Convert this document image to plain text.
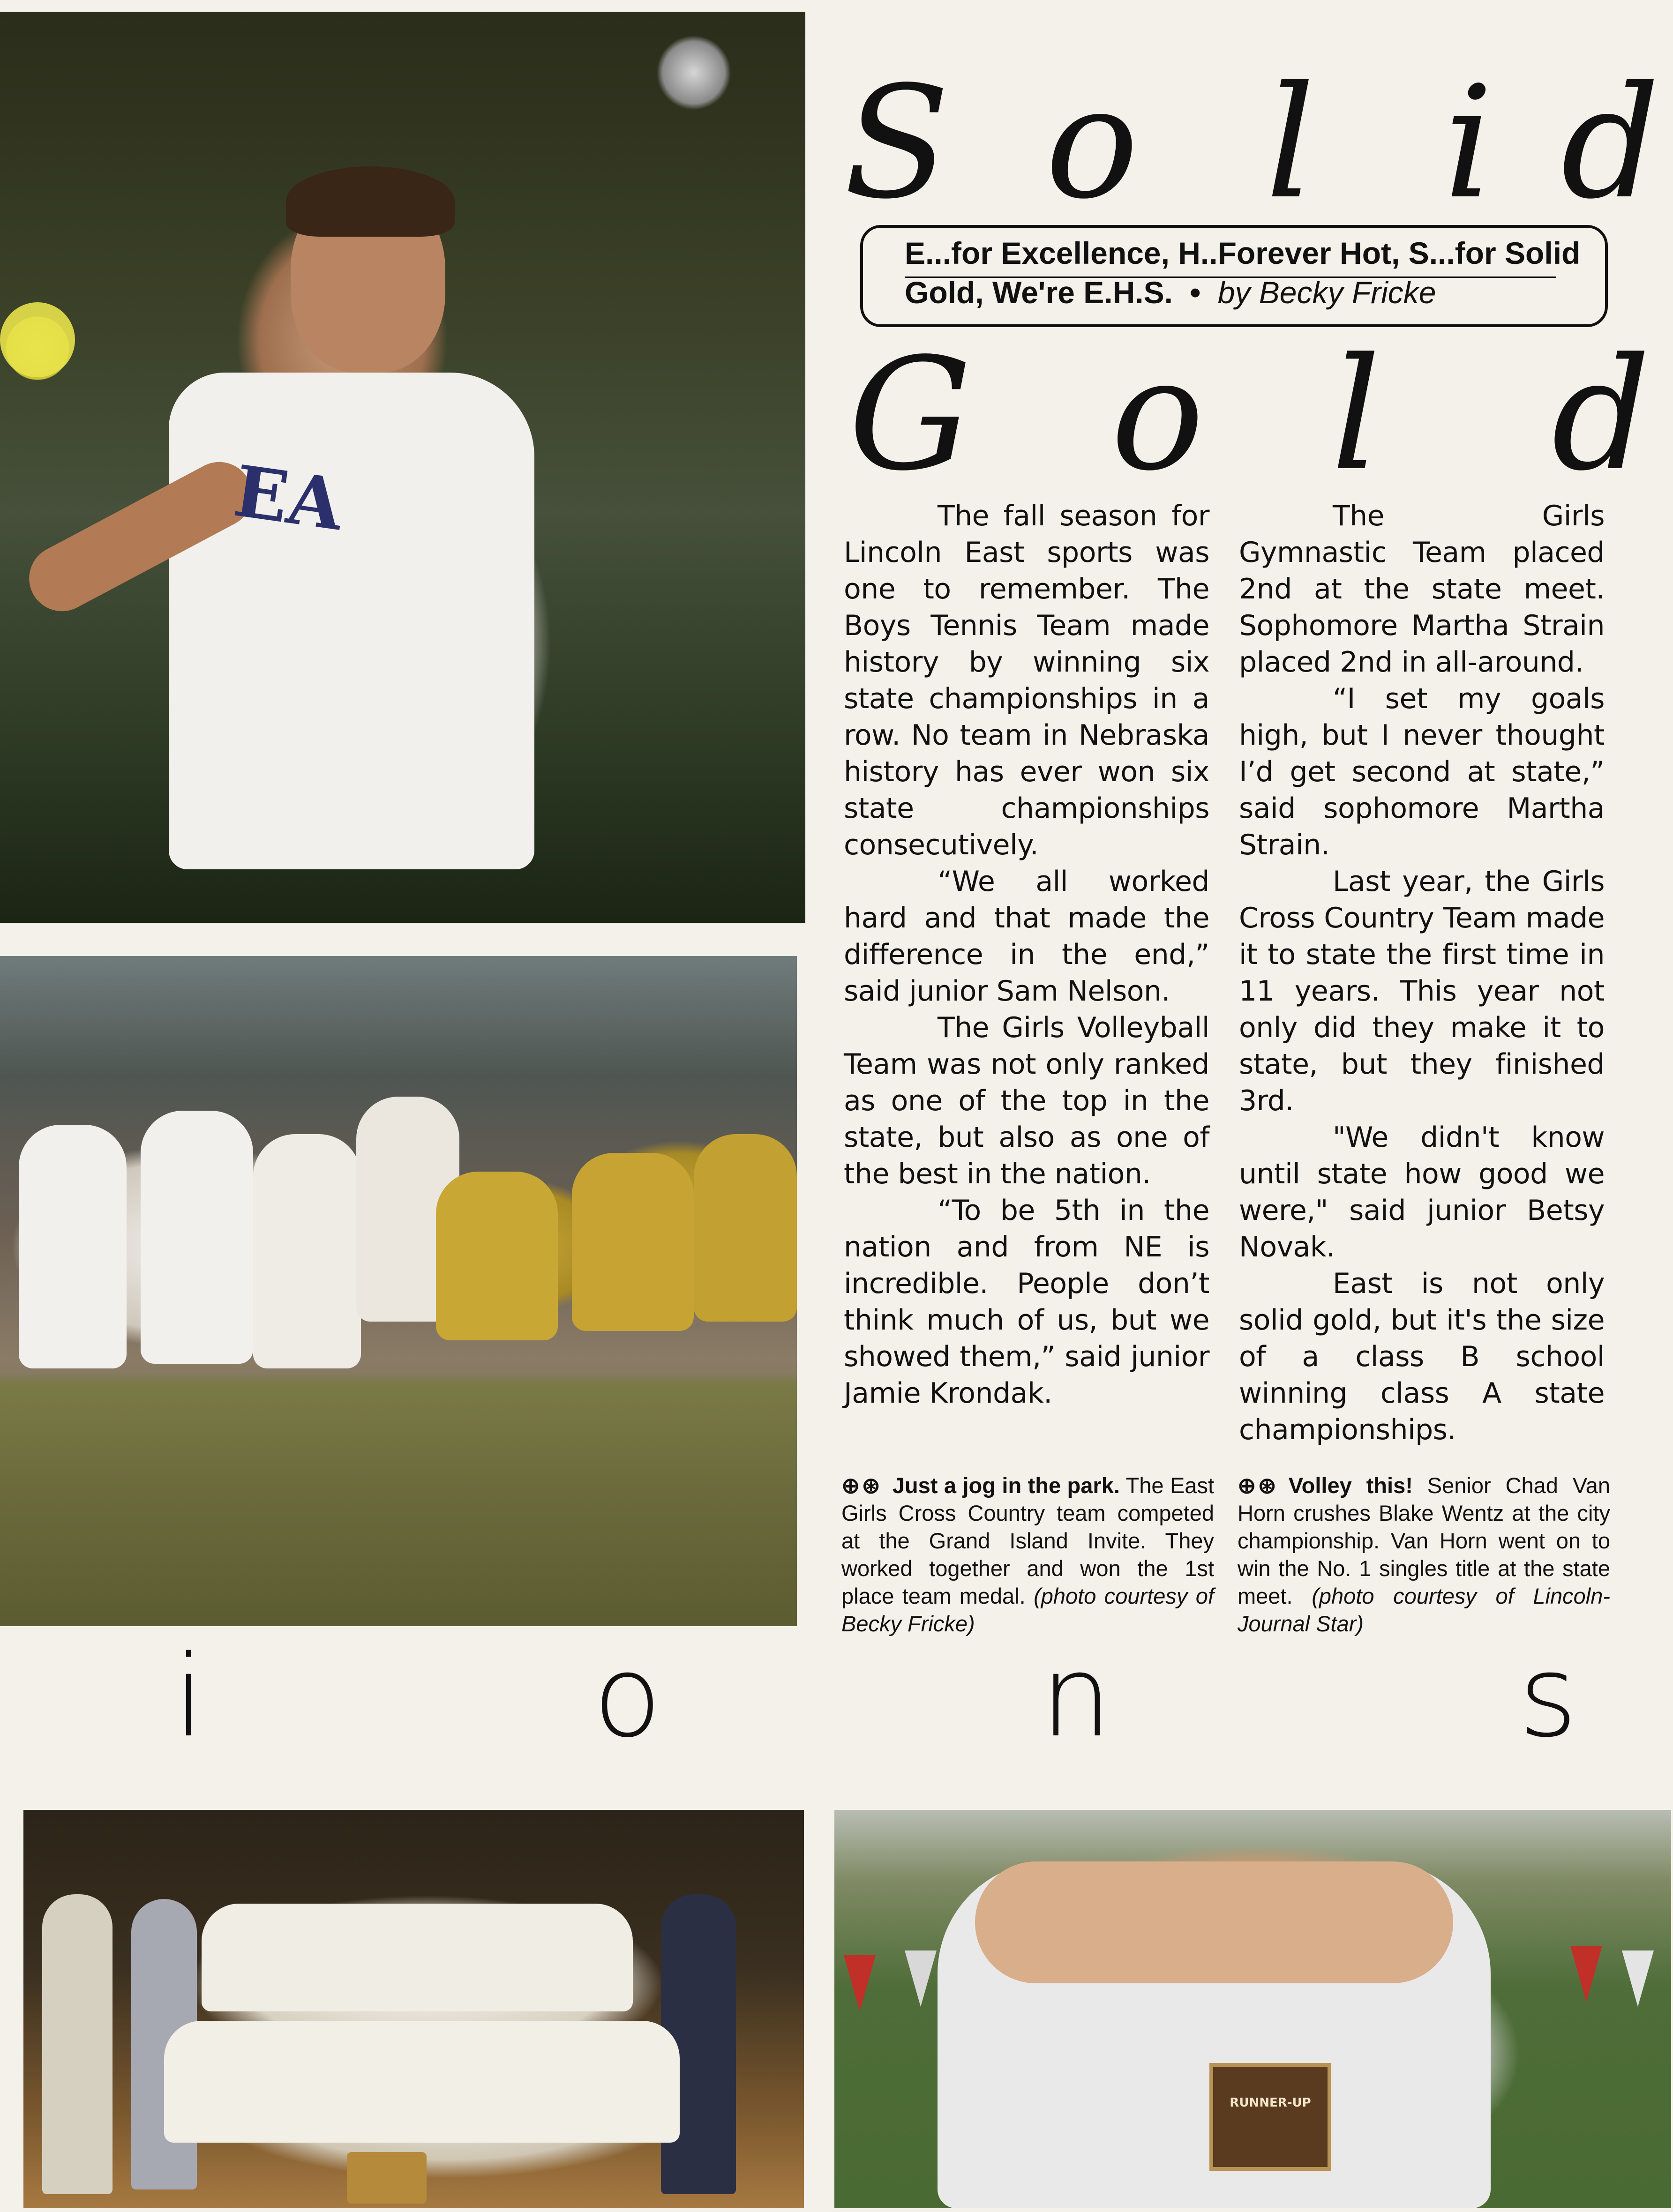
EA
RUNNER-UP
S o l i d
E...for Excellence, H..Forever Hot, S...for Solid
Gold, We're E.H.S. • by Becky Fricke
G o l d

The fall season for Lincoln East sports was one to remember. The Boys Tennis Team made history by winning six state championships in a row. No team in Nebraska history has ever won six state championships consecutively.

“We all worked hard and that made the difference in the end,” said junior Sam Nelson.

The Girls Volleyball Team was not only ranked as one of the top in the state, but also as one of the best in the nation.

“To be 5th in the nation and from NE is incredible. People don’t think much of us, but we showed them,” said junior Jamie Krondak.

The Girls Gymnastic Team placed 2nd at the state meet. Sophomore Martha Strain placed 2nd in all-around.

“I set my goals high, but I never thought I’d get second at state,” said sophomore Martha Strain.

Last year, the Girls Cross Country Team made it to state the first time in 11 years. This year not only did they make it to state, but they finished 3rd.

"We didn't know until state how good we were," said junior Betsy Novak.

East is not only solid gold, but it's the size of a class B school winning class A state championships.

⊕⊛ Just a jog in the park. The East Girls Cross Country team competed at the Grand Island Invite. They worked together and won the 1st place team medal. (photo courtesy of Becky Fricke)
⊕⊛ Volley this! Senior Chad Van Horn crushes Blake Wentz at the city championship. Van Horn went on to win the No. 1 singles title at the state meet. (photo courtesy of Lincoln-Journal Star)
i	o	n	s
